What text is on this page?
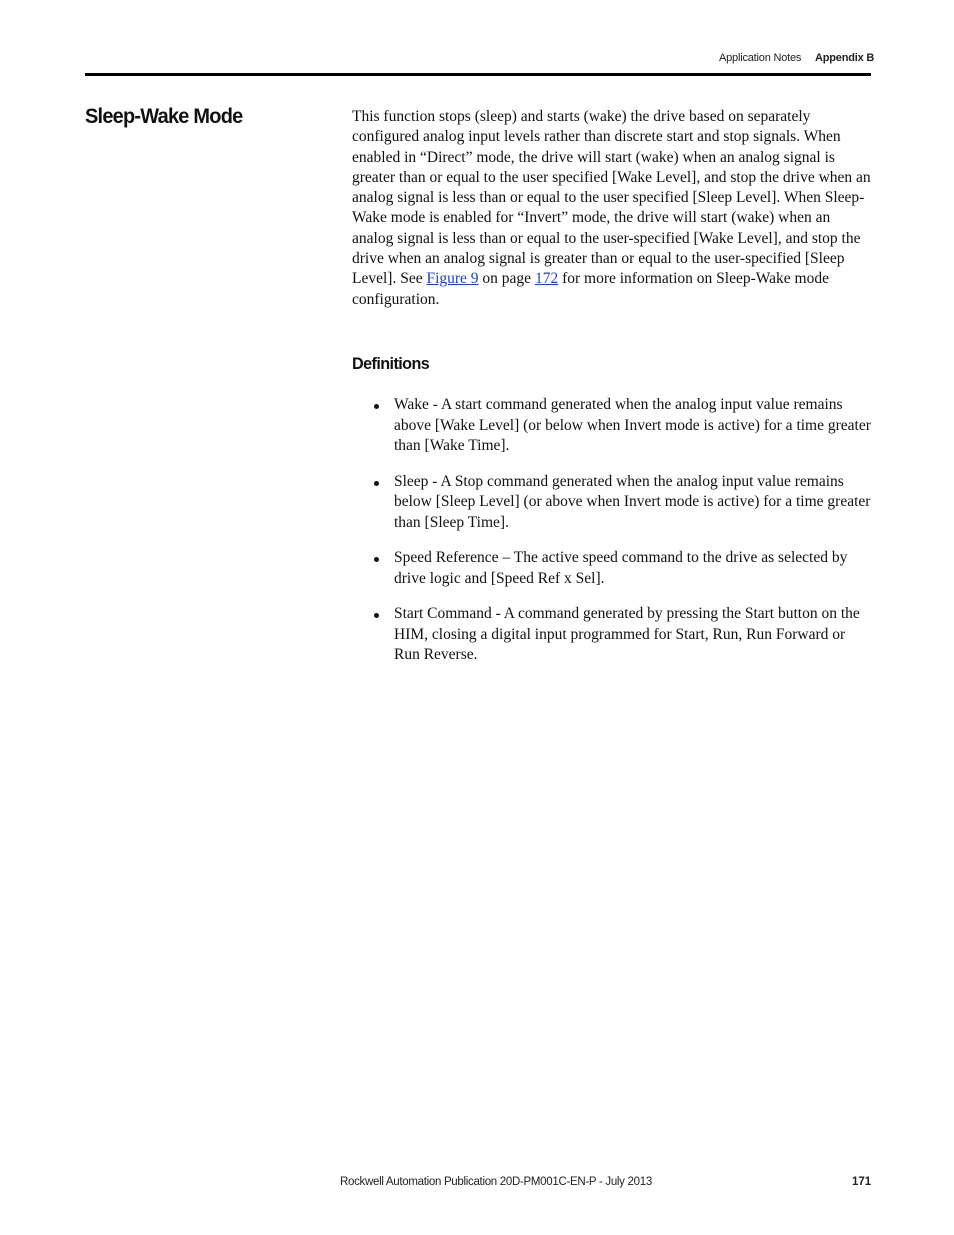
Application Notes Appendix B
Sleep-Wake Mode	This function stops (sleep) and starts (wake) the drive based on separately configured analog input levels rather than discrete start and stop signals. When enabled in “Direct” mode, the drive will start (wake) when an analog signal is greater than or equal to the user specified [Wake Level], and stop the drive when an analog signal is less than or equal to the user specified [Sleep Level]. When Sleep-Wake mode is enabled for “Invert” mode, the drive will start (wake) when an analog signal is less than or equal to the user-specified [Wake Level], and stop the drive when an analog signal is greater than or equal to the user-specified [Sleep Level]. See Figure 9 on page 172 for more information on Sleep-Wake mode configuration.

Definitions
Wake - A start command generated when the analog input value remains above [Wake Level] (or below when Invert mode is active) for a time greater than [Wake Time].
Sleep - A Stop command generated when the analog input value remains below [Sleep Level] (or above when Invert mode is active) for a time greater than [Sleep Time].
Speed Reference – The active speed command to the drive as selected by drive logic and [Speed Ref x Sel].
Start Command - A command generated by pressing the Start button on the HIM, closing a digital input programmed for Start, Run, Run Forward or Run Reverse.
Rockwell Automation Publication 20D-PM001C-EN-P - July 2013	171
